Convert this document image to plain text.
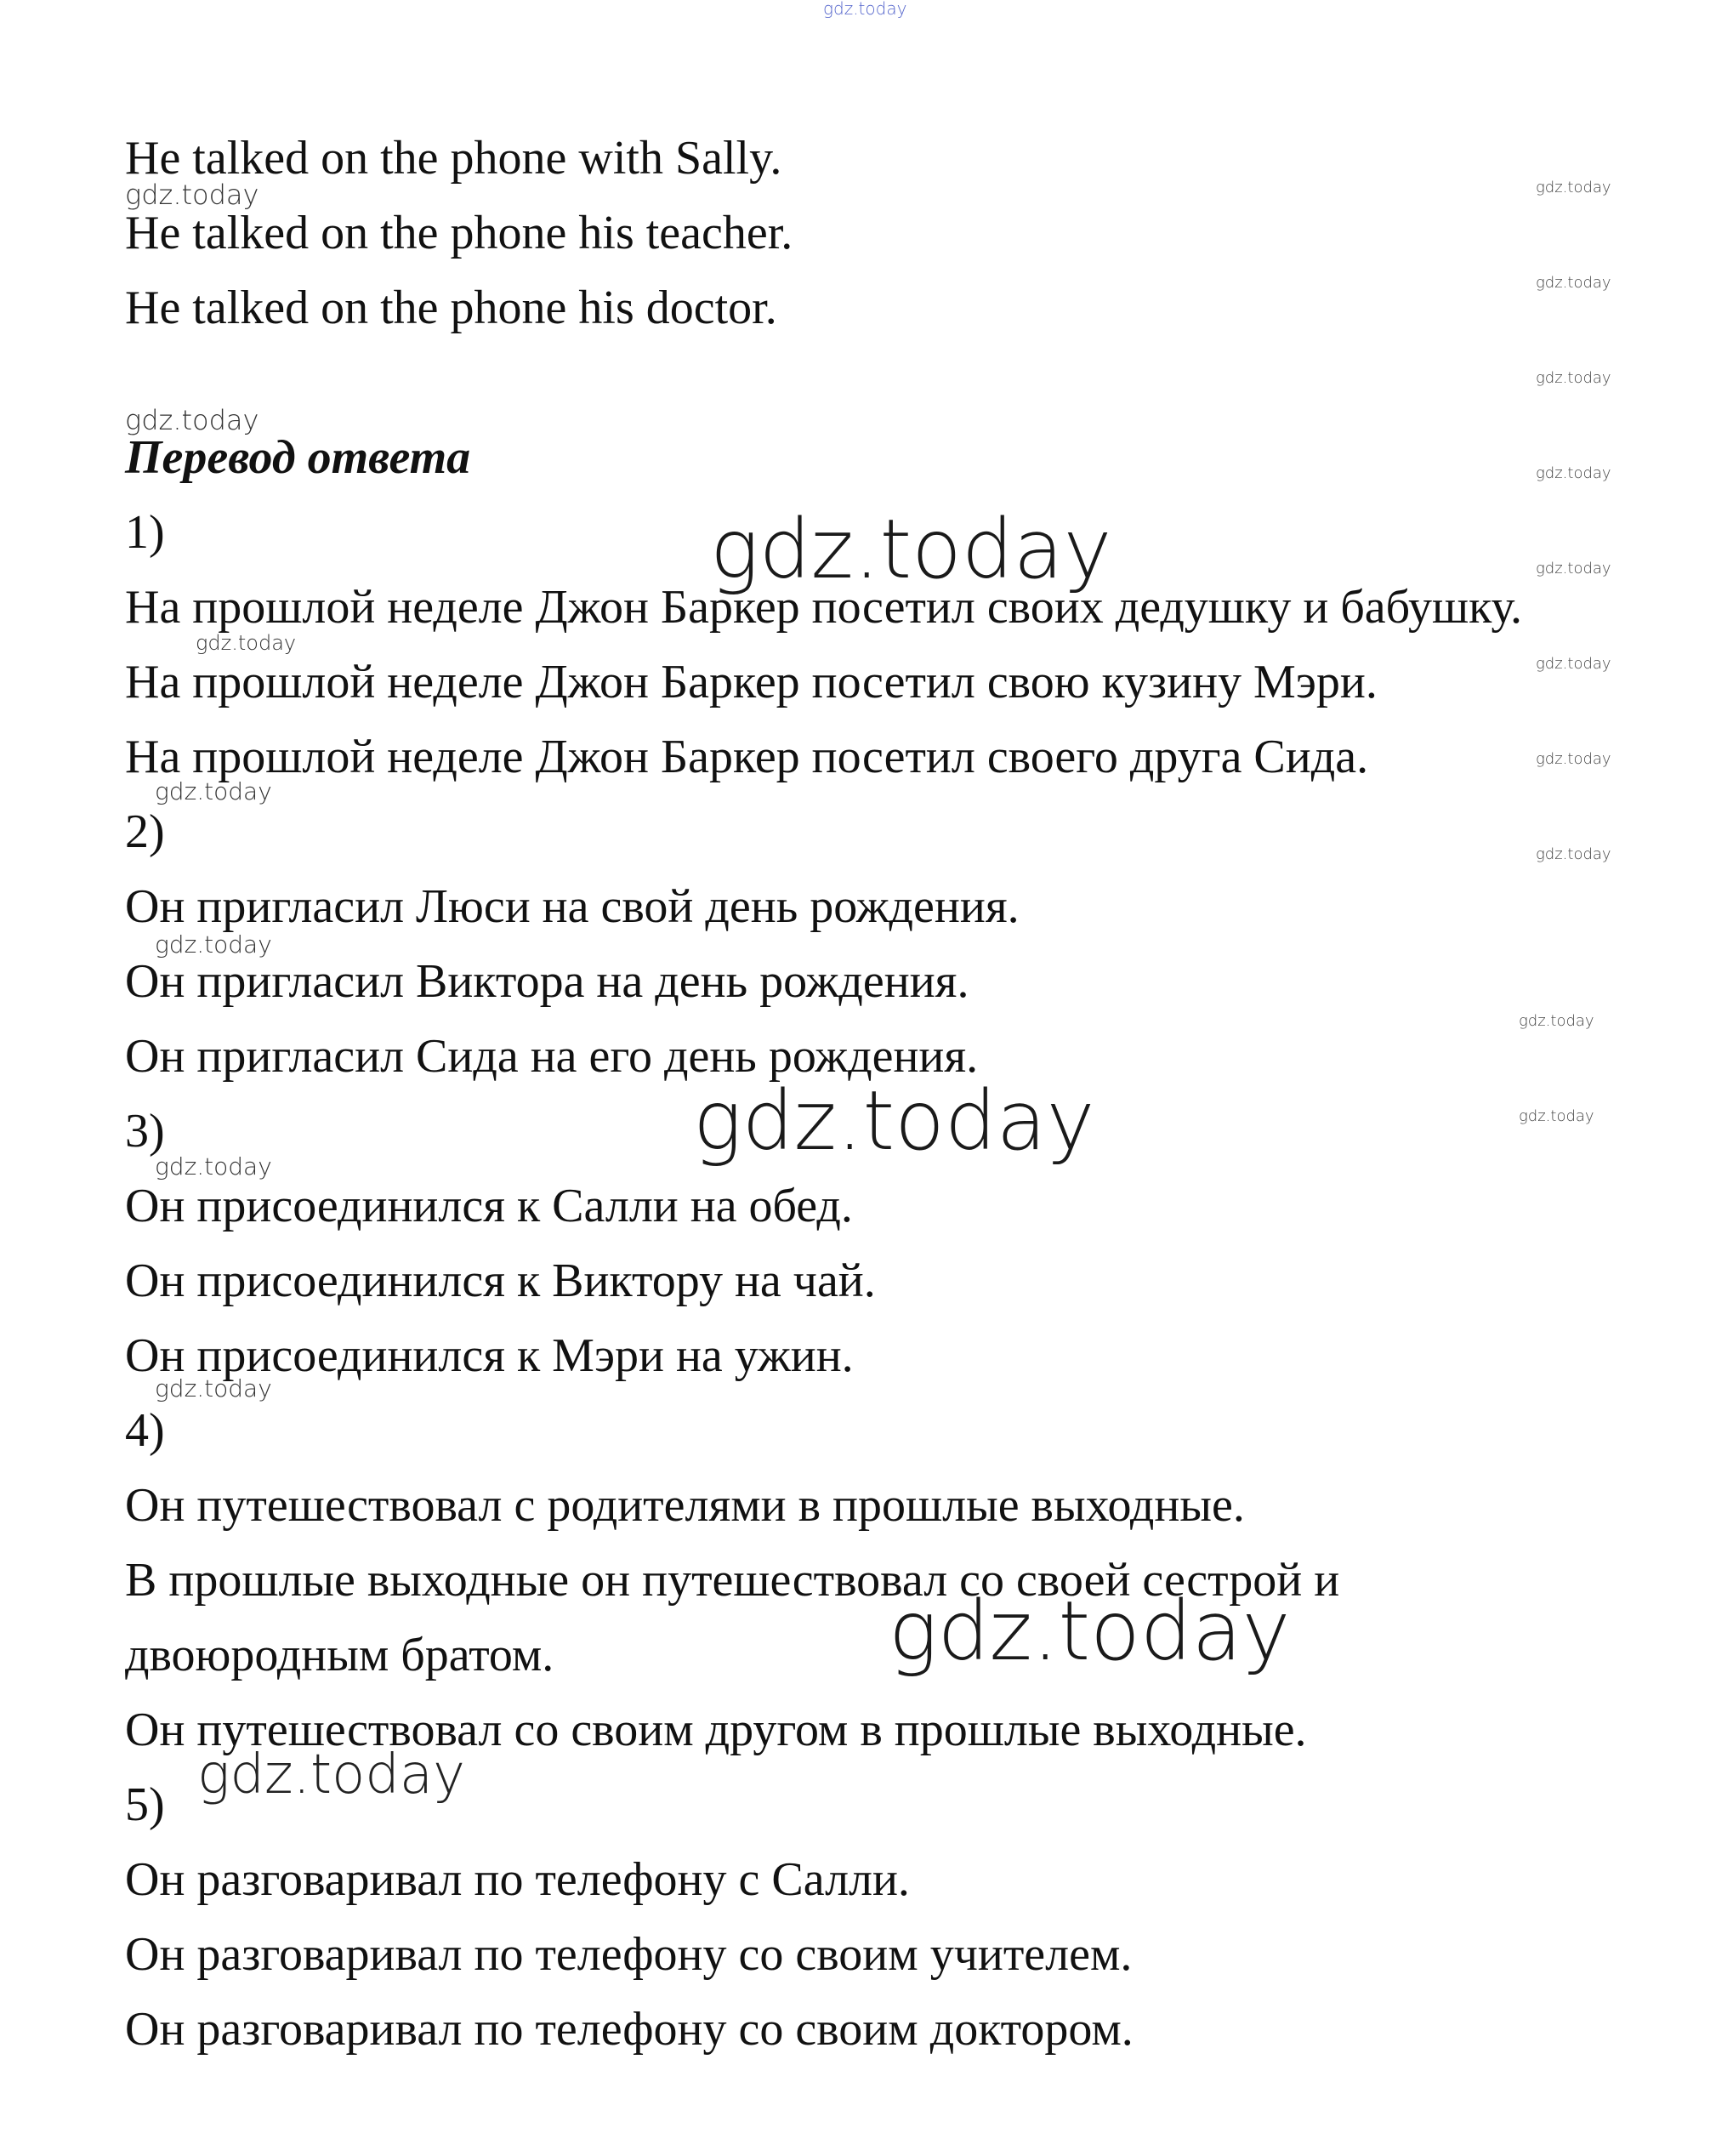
gdz.today

He talked on the phone with Sally.

He talked on the phone his teacher.

He talked on the phone his doctor.

Перевод ответа

1)

На прошлой неделе Джон Баркер посетил своих дедушку и бабушку.

На прошлой неделе Джон Баркер посетил свою кузину Мэри.

На прошлой неделе Джон Баркер посетил своего друга Сида.

2)

Он пригласил Люси на свой день рождения.

Он пригласил Виктора на день рождения.

Он пригласил Сида на его день рождения.

3)

Он присоединился к Салли на обед.

Он присоединился к Виктору на чай.

Он присоединился к Мэри на ужин.

4)

Он путешествовал с родителями в прошлые выходные.

В прошлые выходные он путешествовал со своей сестрой и

двоюродным братом.

Он путешествовал со своим другом в прошлые выходные.

5)

Он разговаривал по телефону с Салли.

Он разговаривал по телефону со своим учителем.

Он разговаривал по телефону со своим доктором.

gdz.today
gdz.today
gdz.today
gdz.today
gdz.today
gdz.today
gdz.today
gdz.today
gdz.today
gdz.today
gdz.today
gdz.today
gdz.today
gdz.today
gdz.today
gdz.today
gdz.today
gdz.today
gdz.today
gdz.today
gdz.today
